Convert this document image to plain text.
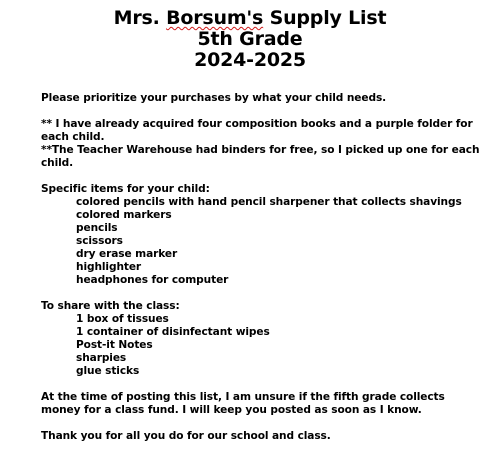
Mrs. Borsum's Supply List
5th Grade
2024-2025

Please prioritize your purchases by what your child needs.

** I have already acquired four composition books and a purple folder for each child.

**The Teacher Warehouse had binders for free, so I picked up one for each child.

Specific items for your child:

colored pencils with hand pencil sharpener that collects shavings
colored markers
pencils
scissors
dry erase marker
highlighter
headphones for computer

To share with the class:

1 box of tissues
1 container of disinfectant wipes
Post-it Notes
sharpies
glue sticks

At the time of posting this list, I am unsure if the fifth grade collects money for a class fund. I will keep you posted as soon as I know.

Thank you for all you do for our school and class.
